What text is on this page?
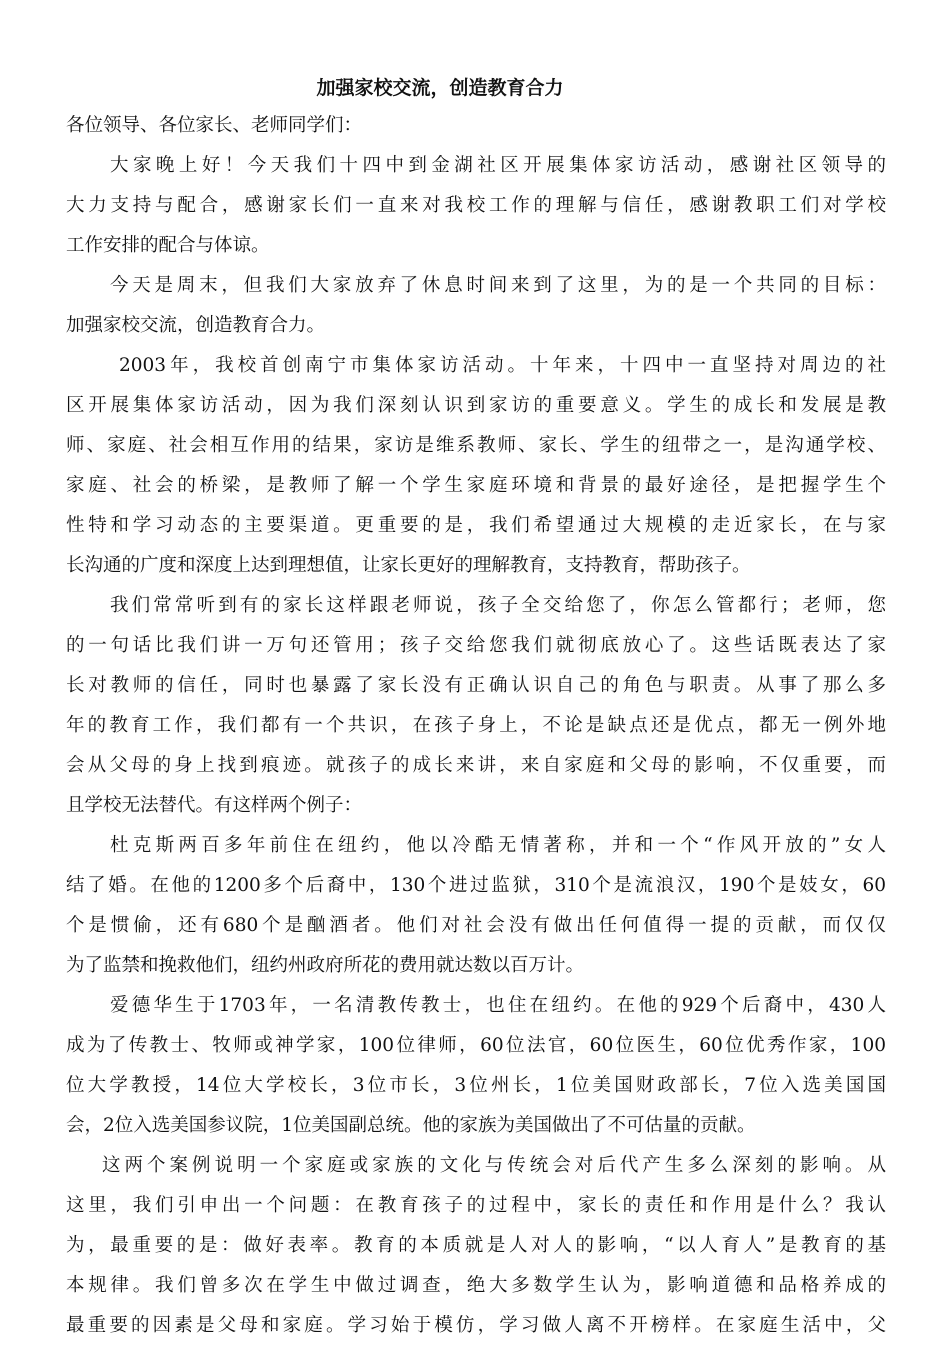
加强家校交流，创造教育合力
各位领导、各位家长、老师同学们：
大家晚上好！今天我们十四中到金湖社区开展集体家访活动，感谢社区领导的
大力支持与配合，感谢家长们一直来对我校工作的理解与信任，感谢教职工们对学校
工作安排的配合与体谅。
今天是周末，但我们大家放弃了休息时间来到了这里，为的是一个共同的目标：
加强家校交流，创造教育合力。
2003年，我校首创南宁市集体家访活动。十年来，十四中一直坚持对周边的社
区开展集体家访活动，因为我们深刻认识到家访的重要意义。学生的成长和发展是教
师、家庭、社会相互作用的结果，家访是维系教师、家长、学生的纽带之一，是沟通学校、
家庭、社会的桥梁，是教师了解一个学生家庭环境和背景的最好途径，是把握学生个
性特和学习动态的主要渠道。更重要的是，我们希望通过大规模的走近家长，在与家
长沟通的广度和深度上达到理想值，让家长更好的理解教育，支持教育，帮助孩子。
我们常常听到有的家长这样跟老师说，孩子全交给您了，你怎么管都行；老师，您
的一句话比我们讲一万句还管用；孩子交给您我们就彻底放心了。这些话既表达了家
长对教师的信任，同时也暴露了家长没有正确认识自己的角色与职责。从事了那么多
年的教育工作，我们都有一个共识，在孩子身上，不论是缺点还是优点，都无一例外地
会从父母的身上找到痕迹。就孩子的成长来讲，来自家庭和父母的影响，不仅重要，而
且学校无法替代。有这样两个例子：
杜克斯两百多年前住在纽约，他以冷酷无情著称，并和一个“作风开放的”女人
结了婚。在他的1200多个后裔中，130个进过监狱，310个是流浪汉，190个是妓女，60
个是惯偷，还有680个是酗酒者。他们对社会没有做出任何值得一提的贡献，而仅仅
为了监禁和挽救他们，纽约州政府所花的费用就达数以百万计。
爱德华生于1703年，一名清教传教士，也住在纽约。在他的929个后裔中，430人
成为了传教士、牧师或神学家，100位律师，60位法官，60位医生，60位优秀作家，100
位大学教授，14位大学校长，3位市长，3位州长，1位美国财政部长，7位入选美国国
会，2位入选美国参议院，1位美国副总统。他的家族为美国做出了不可估量的贡献。
这两个案例说明一个家庭或家族的文化与传统会对后代产生多么深刻的影响。从
这里，我们引申出一个问题：在教育孩子的过程中，家长的责任和作用是什么？我认
为，最重要的是：做好表率。教育的本质就是人对人的影响，“以人育人”是教育的基
本规律。我们曾多次在学生中做过调查，绝大多数学生认为，影响道德和品格养成的
最重要的因素是父母和家庭。学习始于模仿，学习做人离不开榜样。在家庭生活中，父
